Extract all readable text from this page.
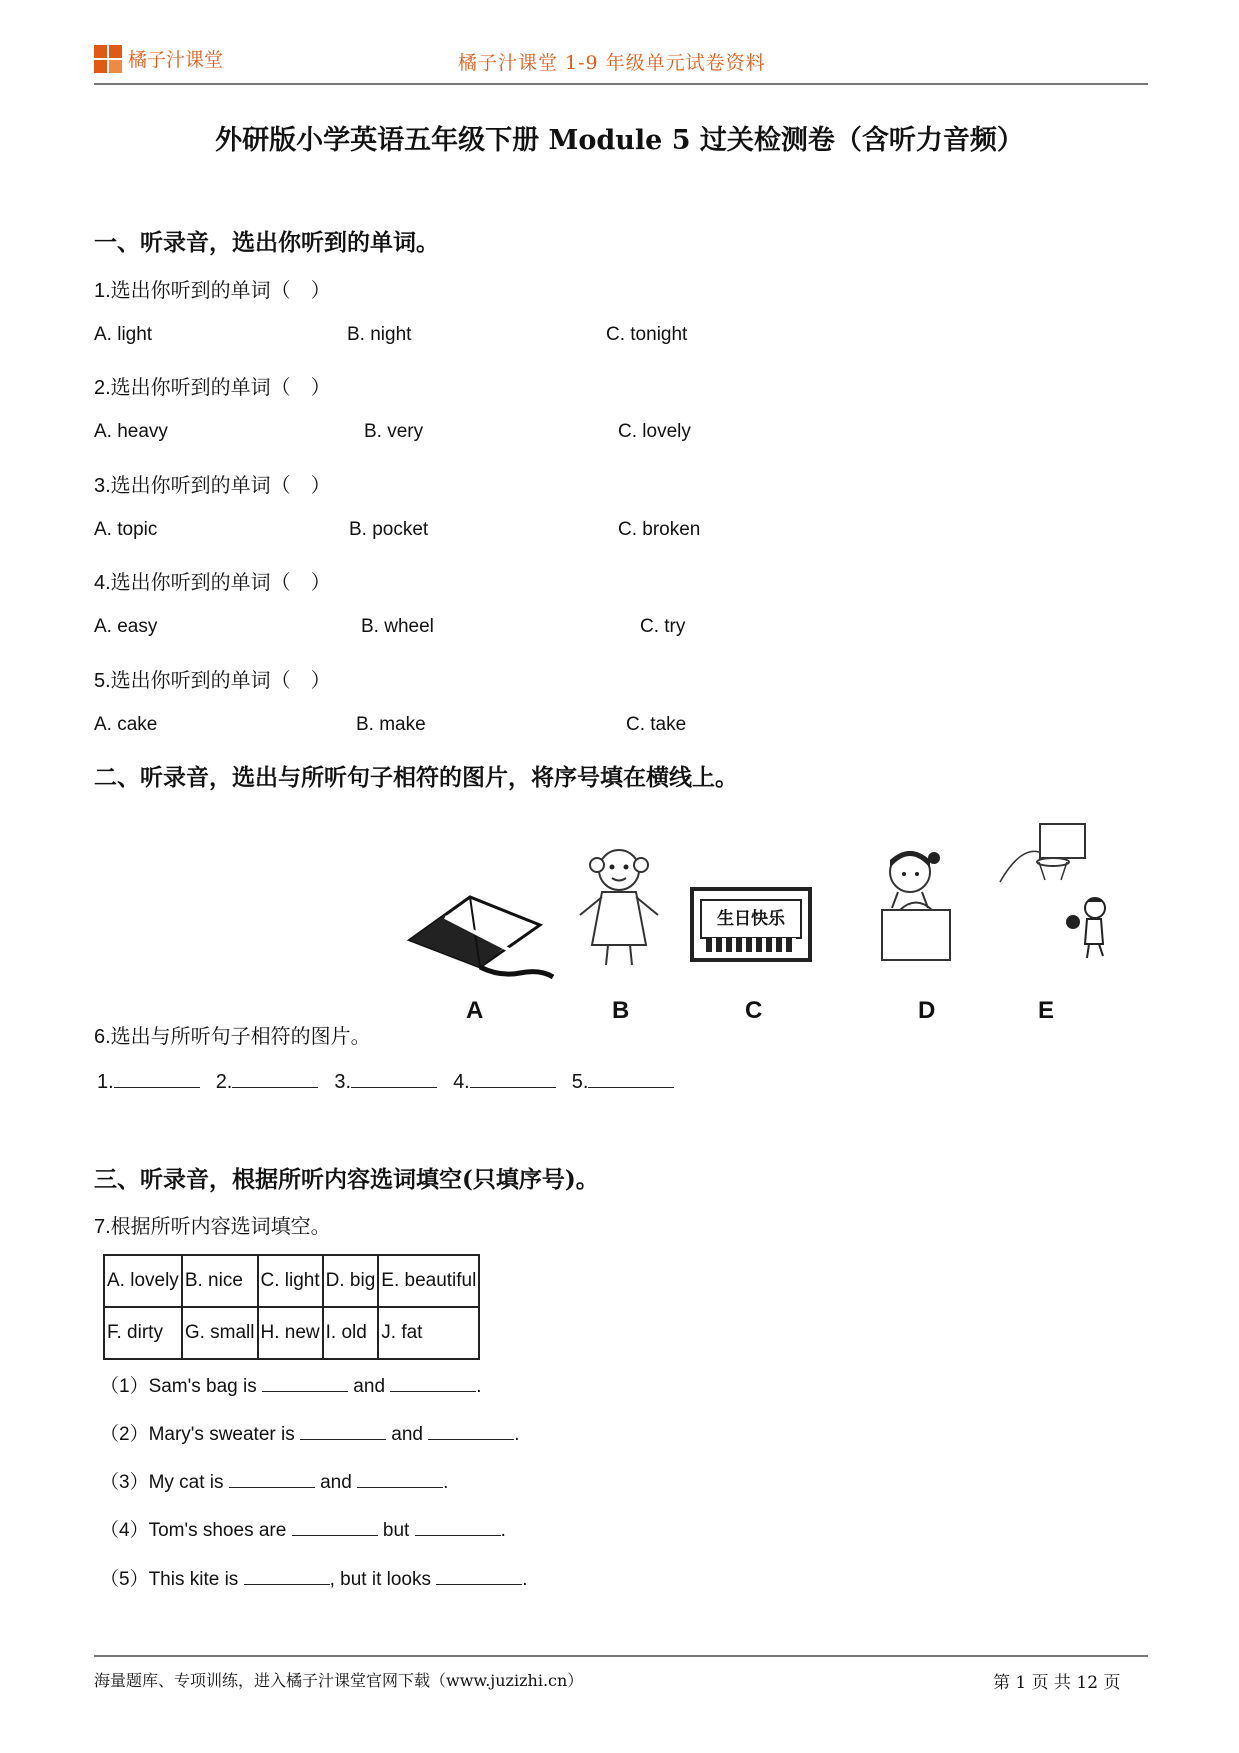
橘子汁课堂	橘子汁课堂 1-9 年级单元试卷资料
外研版小学英语五年级下册 Module 5 过关检测卷（含听力音频）
一、听录音，选出你听到的单词。
1.选出你听到的单词（　）
A. light	B. night	C. tonight
2.选出你听到的单词（　）
A. heavy	B. very	C. lovely
3.选出你听到的单词（　）
A. topic	B. pocket	C. broken
4.选出你听到的单词（　）
A. easy	B. wheel	C. try
5.选出你听到的单词（　）
A. cake	B. make	C. take
二、听录音，选出与所听句子相符的图片，将序号填在横线上。
生日快乐
A	B	C	D	E
6.选出与所听句子相符的图片。
1.	2.	3.	4.	5.
三、听录音，根据所听内容选词填空(只填序号)。
7.根据所听内容选词填空。
A. lovely	B. nice	C. light	D. big	E. beautiful
F. dirty	G. small	H. new	I. old	J. fat
（1）Sam's bag is	and	.
（2）Mary's sweater is	and	.
（3）My cat is	and	.
（4）Tom's shoes are	but	.
（5）This kite is	, but it looks	.
海量题库、专项训练，进入橘子汁课堂官网下载（www.juzizhi.cn）	第 1 页 共 12 页
